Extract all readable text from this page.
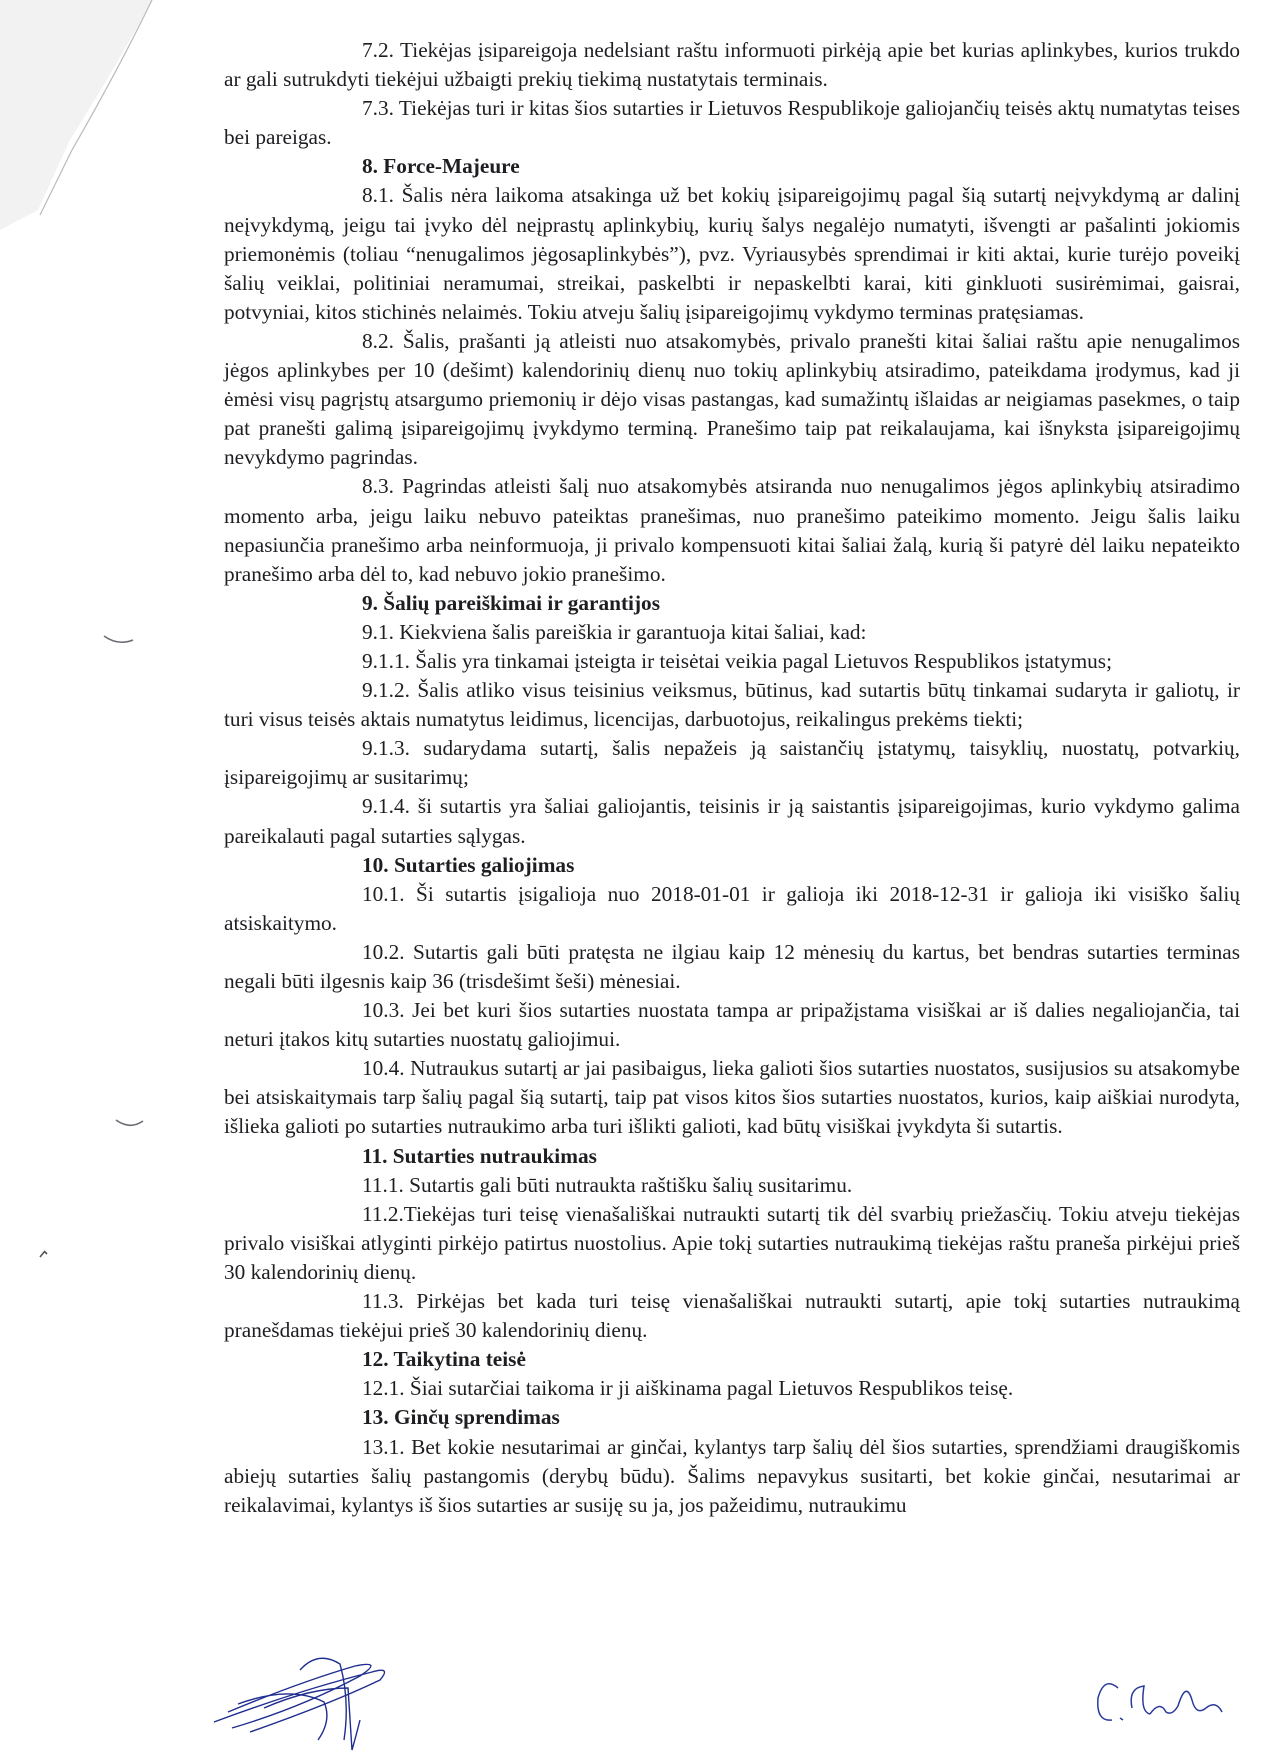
7.2. Tiekėjas įsipareigoja nedelsiant raštu informuoti pirkėją apie bet kurias aplinkybes, kurios trukdo ar gali sutrukdyti tiekėjui užbaigti prekių tiekimą nustatytais terminais.

7.3. Tiekėjas turi ir kitas šios sutarties ir Lietuvos Respublikoje galiojančių teisės aktų numatytas teises bei pareigas.

8. Force-Majeure

8.1. Šalis nėra laikoma atsakinga už bet kokių įsipareigojimų pagal šią sutartį neįvykdymą ar dalinį neįvykdymą, jeigu tai įvyko dėl neįprastų aplinkybių, kurių šalys negalėjo numatyti, išvengti ar pašalinti jokiomis priemonėmis (toliau “nenugalimos jėgosaplinkybės”), pvz. Vyriausybės sprendimai ir kiti aktai, kurie turėjo poveikį šalių veiklai, politiniai neramumai, streikai, paskelbti ir nepaskelbti karai, kiti ginkluoti susirėmimai, gaisrai, potvyniai, kitos stichinės nelaimės. Tokiu atveju šalių įsipareigojimų vykdymo terminas pratęsiamas.

8.2. Šalis, prašanti ją atleisti nuo atsakomybės, privalo pranešti kitai šaliai raštu apie nenugalimos jėgos aplinkybes per 10 (dešimt) kalendorinių dienų nuo tokių aplinkybių atsiradimo, pateikdama įrodymus, kad ji ėmėsi visų pagrįstų atsargumo priemonių ir dėjo visas pastangas, kad sumažintų išlaidas ar neigiamas pasekmes, o taip pat pranešti galimą įsipareigojimų įvykdymo terminą. Pranešimo taip pat reikalaujama, kai išnyksta įsipareigojimų nevykdymo pagrindas.

8.3. Pagrindas atleisti šalį nuo atsakomybės atsiranda nuo nenugalimos jėgos aplinkybių atsiradimo momento arba, jeigu laiku nebuvo pateiktas pranešimas, nuo pranešimo pateikimo momento. Jeigu šalis laiku nepasiunčia pranešimo arba neinformuoja, ji privalo kompensuoti kitai šaliai žalą, kurią ši patyrė dėl laiku nepateikto pranešimo arba dėl to, kad nebuvo jokio pranešimo.

9. Šalių pareiškimai ir garantijos

9.1. Kiekviena šalis pareiškia ir garantuoja kitai šaliai, kad:

9.1.1. Šalis yra tinkamai įsteigta ir teisėtai veikia pagal Lietuvos Respublikos įstatymus;

9.1.2. Šalis atliko visus teisinius veiksmus, būtinus, kad sutartis būtų tinkamai sudaryta ir galiotų, ir turi visus teisės aktais numatytus leidimus, licencijas, darbuotojus, reikalingus prekėms tiekti;

9.1.3. sudarydama sutartį, šalis nepažeis ją saistančių įstatymų, taisyklių, nuostatų, potvarkių, įsipareigojimų ar susitarimų;

9.1.4. ši sutartis yra šaliai galiojantis, teisinis ir ją saistantis įsipareigojimas, kurio vykdymo galima pareikalauti pagal sutarties sąlygas.

10. Sutarties galiojimas

10.1. Ši sutartis įsigalioja nuo 2018-01-01 ir galioja iki 2018-12-31 ir galioja iki visiško šalių atsiskaitymo.

10.2. Sutartis gali būti pratęsta ne ilgiau kaip 12 mėnesių du kartus, bet bendras sutarties terminas negali būti ilgesnis kaip 36 (trisdešimt šeši) mėnesiai.

10.3. Jei bet kuri šios sutarties nuostata tampa ar pripažįstama visiškai ar iš dalies negaliojančia, tai neturi įtakos kitų sutarties nuostatų galiojimui.

10.4. Nutraukus sutartį ar jai pasibaigus, lieka galioti šios sutarties nuostatos, susijusios su atsakomybe bei atsiskaitymais tarp šalių pagal šią sutartį, taip pat visos kitos šios sutarties nuostatos, kurios, kaip aiškiai nurodyta, išlieka galioti po sutarties nutraukimo arba turi išlikti galioti, kad būtų visiškai įvykdyta ši sutartis.

11. Sutarties nutraukimas

11.1. Sutartis gali būti nutraukta raštišku šalių susitarimu.

11.2.Tiekėjas turi teisę vienašališkai nutraukti sutartį tik dėl svarbių priežasčių. Tokiu atveju tiekėjas privalo visiškai atlyginti pirkėjo patirtus nuostolius. Apie tokį sutarties nutraukimą tiekėjas raštu praneša pirkėjui prieš 30 kalendorinių dienų.

11.3. Pirkėjas bet kada turi teisę vienašališkai nutraukti sutartį, apie tokį sutarties nutraukimą pranešdamas tiekėjui prieš 30 kalendorinių dienų.

12. Taikytina teisė

12.1. Šiai sutarčiai taikoma ir ji aiškinama pagal Lietuvos Respublikos teisę.

13. Ginčų sprendimas

13.1. Bet kokie nesutarimai ar ginčai, kylantys tarp šalių dėl šios sutarties, sprendžiami draugiškomis abiejų sutarties šalių pastangomis (derybų būdu). Šalims nepavykus susitarti, bet kokie ginčai, nesutarimai ar reikalavimai, kylantys iš šios sutarties ar susiję su ja, jos pažeidimu, nutraukimu
